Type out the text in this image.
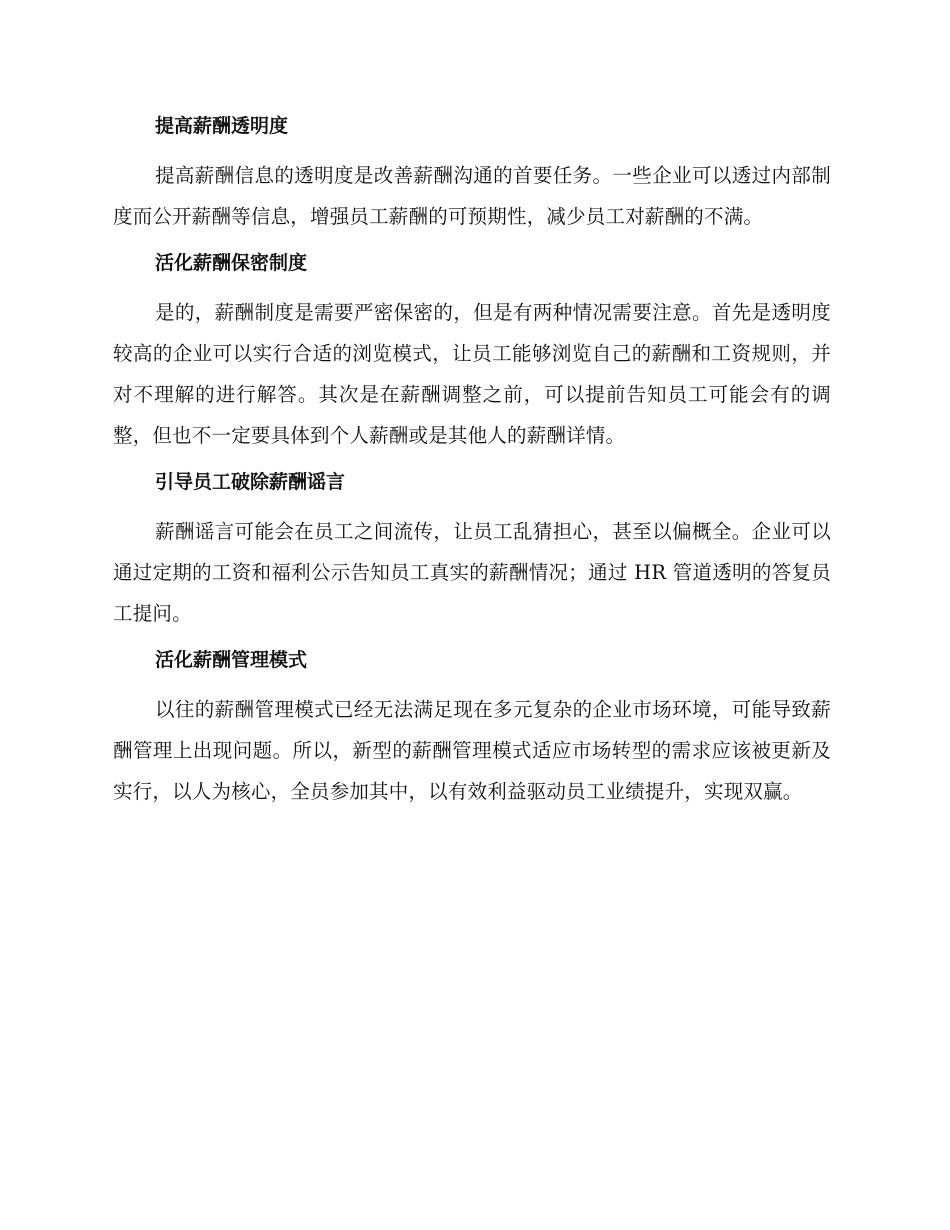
提高薪酬透明度

提高薪酬信息的透明度是改善薪酬沟通的首要任务。一些企业可以透过内部制度而公开薪酬等信息，增强员工薪酬的可预期性，减少员工对薪酬的不满。

活化薪酬保密制度

是的，薪酬制度是需要严密保密的，但是有两种情况需要注意。首先是透明度较高的企业可以实行合适的浏览模式，让员工能够浏览自己的薪酬和工资规则，并对不理解的进行解答。其次是在薪酬调整之前，可以提前告知员工可能会有的调整，但也不一定要具体到个人薪酬或是其他人的薪酬详情。

引导员工破除薪酬谣言

薪酬谣言可能会在员工之间流传，让员工乱猜担心，甚至以偏概全。企业可以通过定期的工资和福利公示告知员工真实的薪酬情况；通过 HR 管道透明的答复员工提问。

活化薪酬管理模式

以往的薪酬管理模式已经无法满足现在多元复杂的企业市场环境，可能导致薪酬管理上出现问题。所以，新型的薪酬管理模式适应市场转型的需求应该被更新及实行，以人为核心，全员参加其中，以有效利益驱动员工业绩提升，实现双赢。
